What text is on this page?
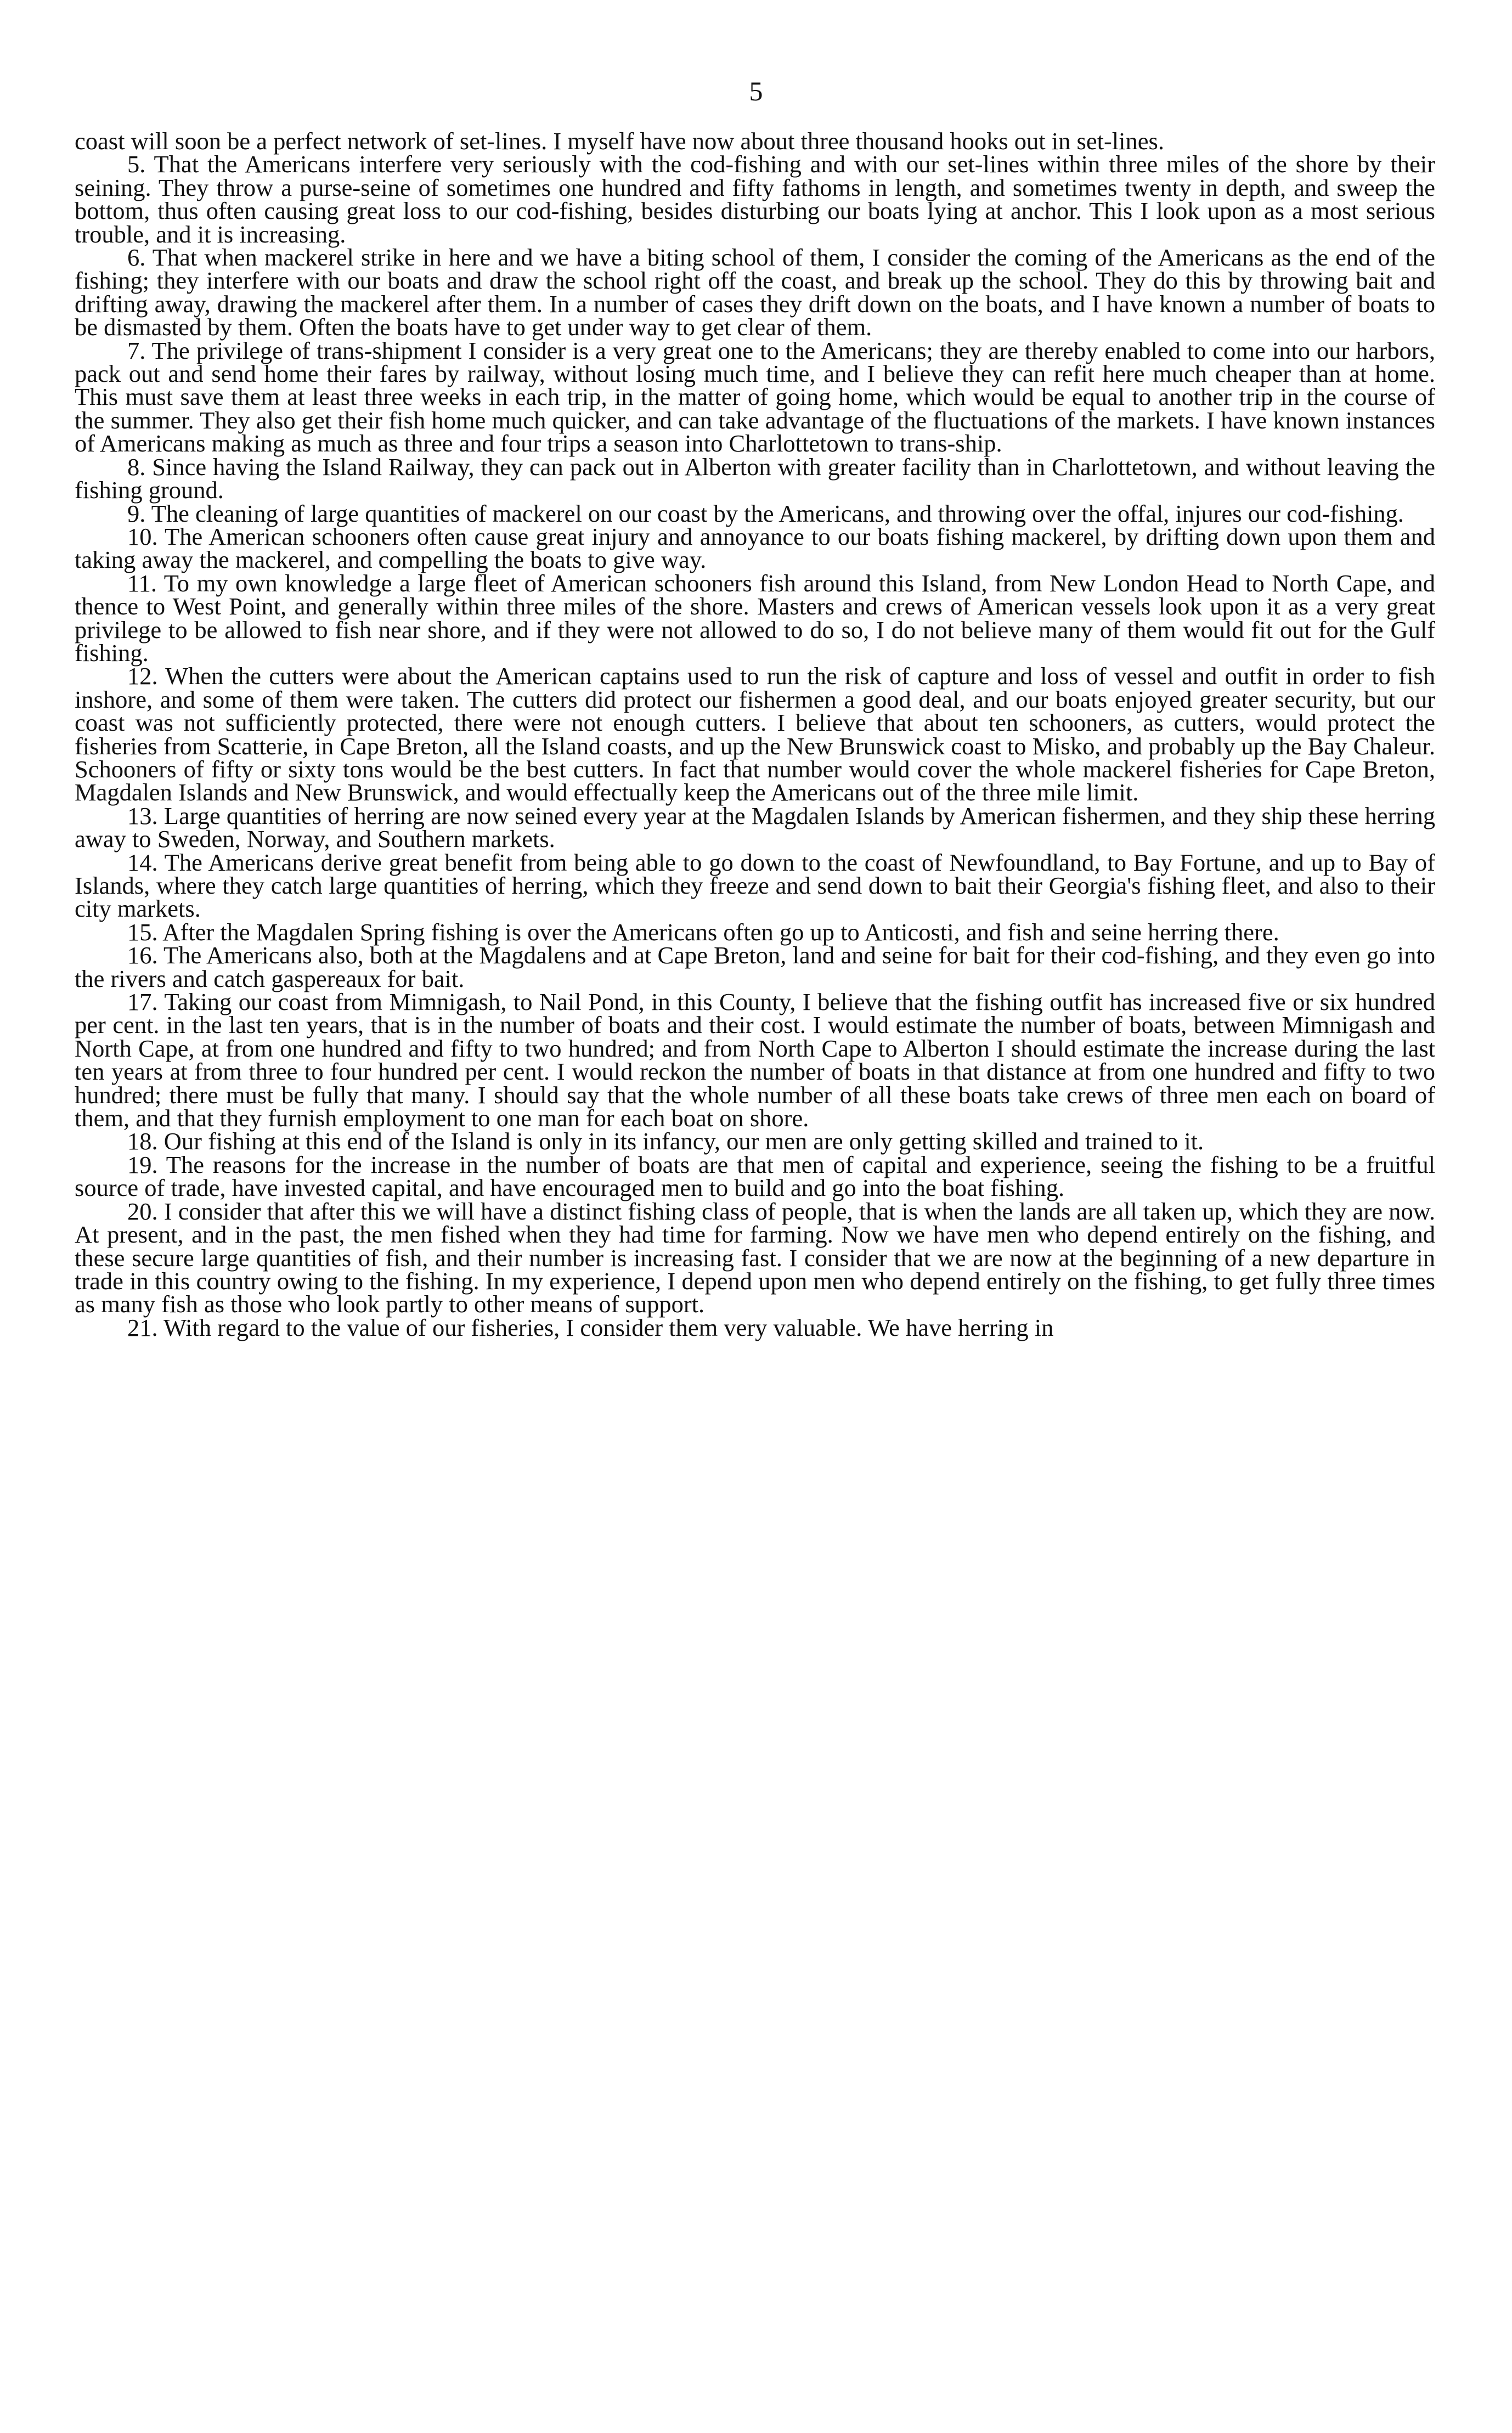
5

coast will soon be a perfect network of set-lines. I myself have now about three thousand hooks out in set-lines.

5. That the Americans interfere very seriously with the cod-fishing and with our set-lines within three miles of the shore by their seining. They throw a purse-seine of sometimes one hundred and fifty fathoms in length, and sometimes twenty in depth, and sweep the bottom, thus often causing great loss to our cod-fishing, besides disturbing our boats lying at anchor. This I look upon as a most serious trouble, and it is increasing.

6. That when mackerel strike in here and we have a biting school of them, I consider the coming of the Americans as the end of the fishing; they interfere with our boats and draw the school right off the coast, and break up the school. They do this by throwing bait and drifting away, drawing the mackerel after them. In a number of cases they drift down on the boats, and I have known a number of boats to be dismasted by them. Often the boats have to get under way to get clear of them.

7. The privilege of trans-shipment I consider is a very great one to the Americans; they are thereby enabled to come into our harbors, pack out and send home their fares by railway, without losing much time, and I believe they can refit here much cheaper than at home. This must save them at least three weeks in each trip, in the matter of going home, which would be equal to another trip in the course of the summer. They also get their fish home much quicker, and can take advantage of the fluctuations of the markets. I have known instances of Americans making as much as three and four trips a season into Charlottetown to trans-ship.

8. Since having the Island Railway, they can pack out in Alberton with greater facility than in Charlottetown, and without leaving the fishing ground.

9. The cleaning of large quantities of mackerel on our coast by the Americans, and throwing over the offal, injures our cod-fishing.

10. The American schooners often cause great injury and annoyance to our boats fishing mackerel, by drifting down upon them and taking away the mackerel, and compelling the boats to give way.

11. To my own knowledge a large fleet of American schooners fish around this Island, from New London Head to North Cape, and thence to West Point, and generally within three miles of the shore. Masters and crews of American vessels look upon it as a very great privilege to be allowed to fish near shore, and if they were not allowed to do so, I do not believe many of them would fit out for the Gulf fishing.

12. When the cutters were about the American captains used to run the risk of capture and loss of vessel and outfit in order to fish inshore, and some of them were taken. The cutters did protect our fishermen a good deal, and our boats enjoyed greater security, but our coast was not sufficiently protected, there were not enough cutters. I believe that about ten schooners, as cutters, would protect the fisheries from Scatterie, in Cape Breton, all the Island coasts, and up the New Brunswick coast to Misko, and probably up the Bay Chaleur. Schooners of fifty or sixty tons would be the best cutters. In fact that number would cover the whole mackerel fisheries for Cape Breton, Magdalen Islands and New Brunswick, and would effectually keep the Americans out of the three mile limit.

13. Large quantities of herring are now seined every year at the Magdalen Islands by American fishermen, and they ship these herring away to Sweden, Norway, and Southern markets.

14. The Americans derive great benefit from being able to go down to the coast of Newfoundland, to Bay Fortune, and up to Bay of Islands, where they catch large quantities of herring, which they freeze and send down to bait their Georgia's fishing fleet, and also to their city markets.

15. After the Magdalen Spring fishing is over the Americans often go up to Anticosti, and fish and seine herring there.

16. The Americans also, both at the Magdalens and at Cape Breton, land and seine for bait for their cod-fishing, and they even go into the rivers and catch gaspereaux for bait.

17. Taking our coast from Mimnigash, to Nail Pond, in this County, I believe that the fishing outfit has increased five or six hundred per cent. in the last ten years, that is in the number of boats and their cost. I would estimate the number of boats, between Mimnigash and North Cape, at from one hundred and fifty to two hundred; and from North Cape to Alberton I should estimate the increase during the last ten years at from three to four hundred per cent. I would reckon the number of boats in that distance at from one hundred and fifty to two hundred; there must be fully that many. I should say that the whole number of all these boats take crews of three men each on board of them, and that they furnish employment to one man for each boat on shore.

18. Our fishing at this end of the Island is only in its infancy, our men are only getting skilled and trained to it.

19. The reasons for the increase in the number of boats are that men of capital and experience, seeing the fishing to be a fruitful source of trade, have invested capital, and have encouraged men to build and go into the boat fishing.

20. I consider that after this we will have a distinct fishing class of people, that is when the lands are all taken up, which they are now. At present, and in the past, the men fished when they had time for farming. Now we have men who depend entirely on the fishing, and these secure large quantities of fish, and their number is increasing fast. I consider that we are now at the beginning of a new departure in trade in this country owing to the fishing. In my experience, I depend upon men who depend entirely on the fishing, to get fully three times as many fish as those who look partly to other means of support.

21. With regard to the value of our fisheries, I consider them very valuable. We have herring in
